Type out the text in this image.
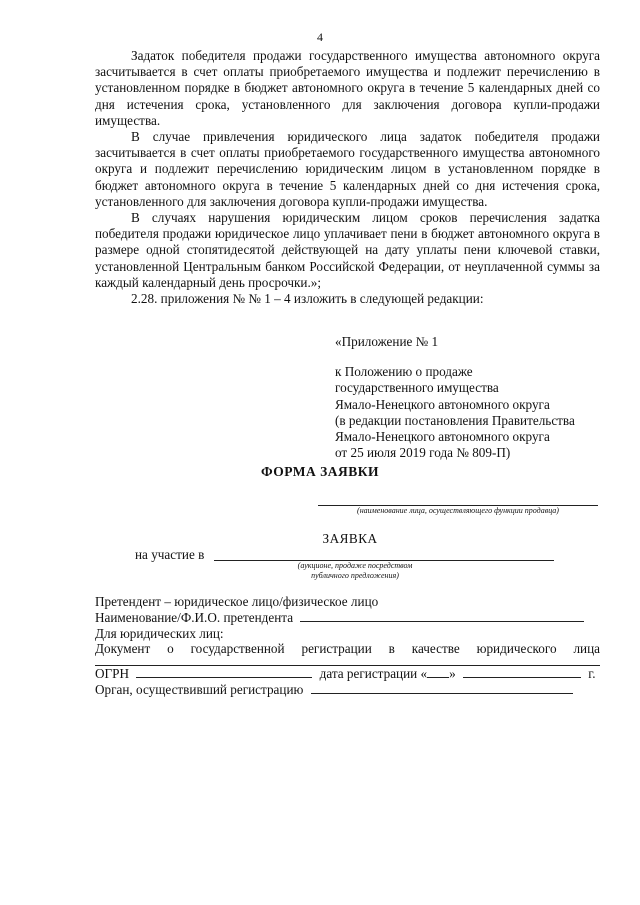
4

Задаток победителя продажи государственного имущества автономного округа засчитывается в счет оплаты приобретаемого имущества и подлежит перечислению в установленном порядке в бюджет автономного округа в течение 5 календарных дней со дня истечения срока, установленного для заключения договора купли-продажи имущества.

В случае привлечения юридического лица задаток победителя продажи засчитывается в счет оплаты приобретаемого государственного имущества автономного округа и подлежит перечислению юридическим лицом в установленном порядке в бюджет автономного округа в течение 5 календарных дней со дня истечения срока, установленного для заключения договора купли-продажи имущества.

В случаях нарушения юридическим лицом сроков перечисления задатка победителя продажи юридическое лицо уплачивает пени в бюджет автономного округа в размере одной стопятидесятой действующей на дату уплаты пени ключевой ставки, установленной Центральным банком Российской Федерации, от неуплаченной суммы за каждый календарный день просрочки.»;

2.28. приложения № № 1 – 4 изложить в следующей редакции:

«Приложение № 1
к Положению о продаже
государственного имущества
Ямало-Ненецкого автономного округа
(в редакции постановления Правительства
Ямало-Ненецкого автономного округа
от 25 июля 2019 года № 809-П)
ФОРМА ЗАЯВКИ
(наименование лица, осуществляющего функции продавца)
ЗАЯВКА
на участие в
(аукционе, продаже посредством
публичного предложения)
Претендент – юридическое лицо/физическое лицо
Наименование/Ф.И.О. претендента
Для юридических лиц:
Документ о государственной регистрации в качестве юридического лица
ОГРН	дата регистрации « »	г.
Орган, осуществивший регистрацию
